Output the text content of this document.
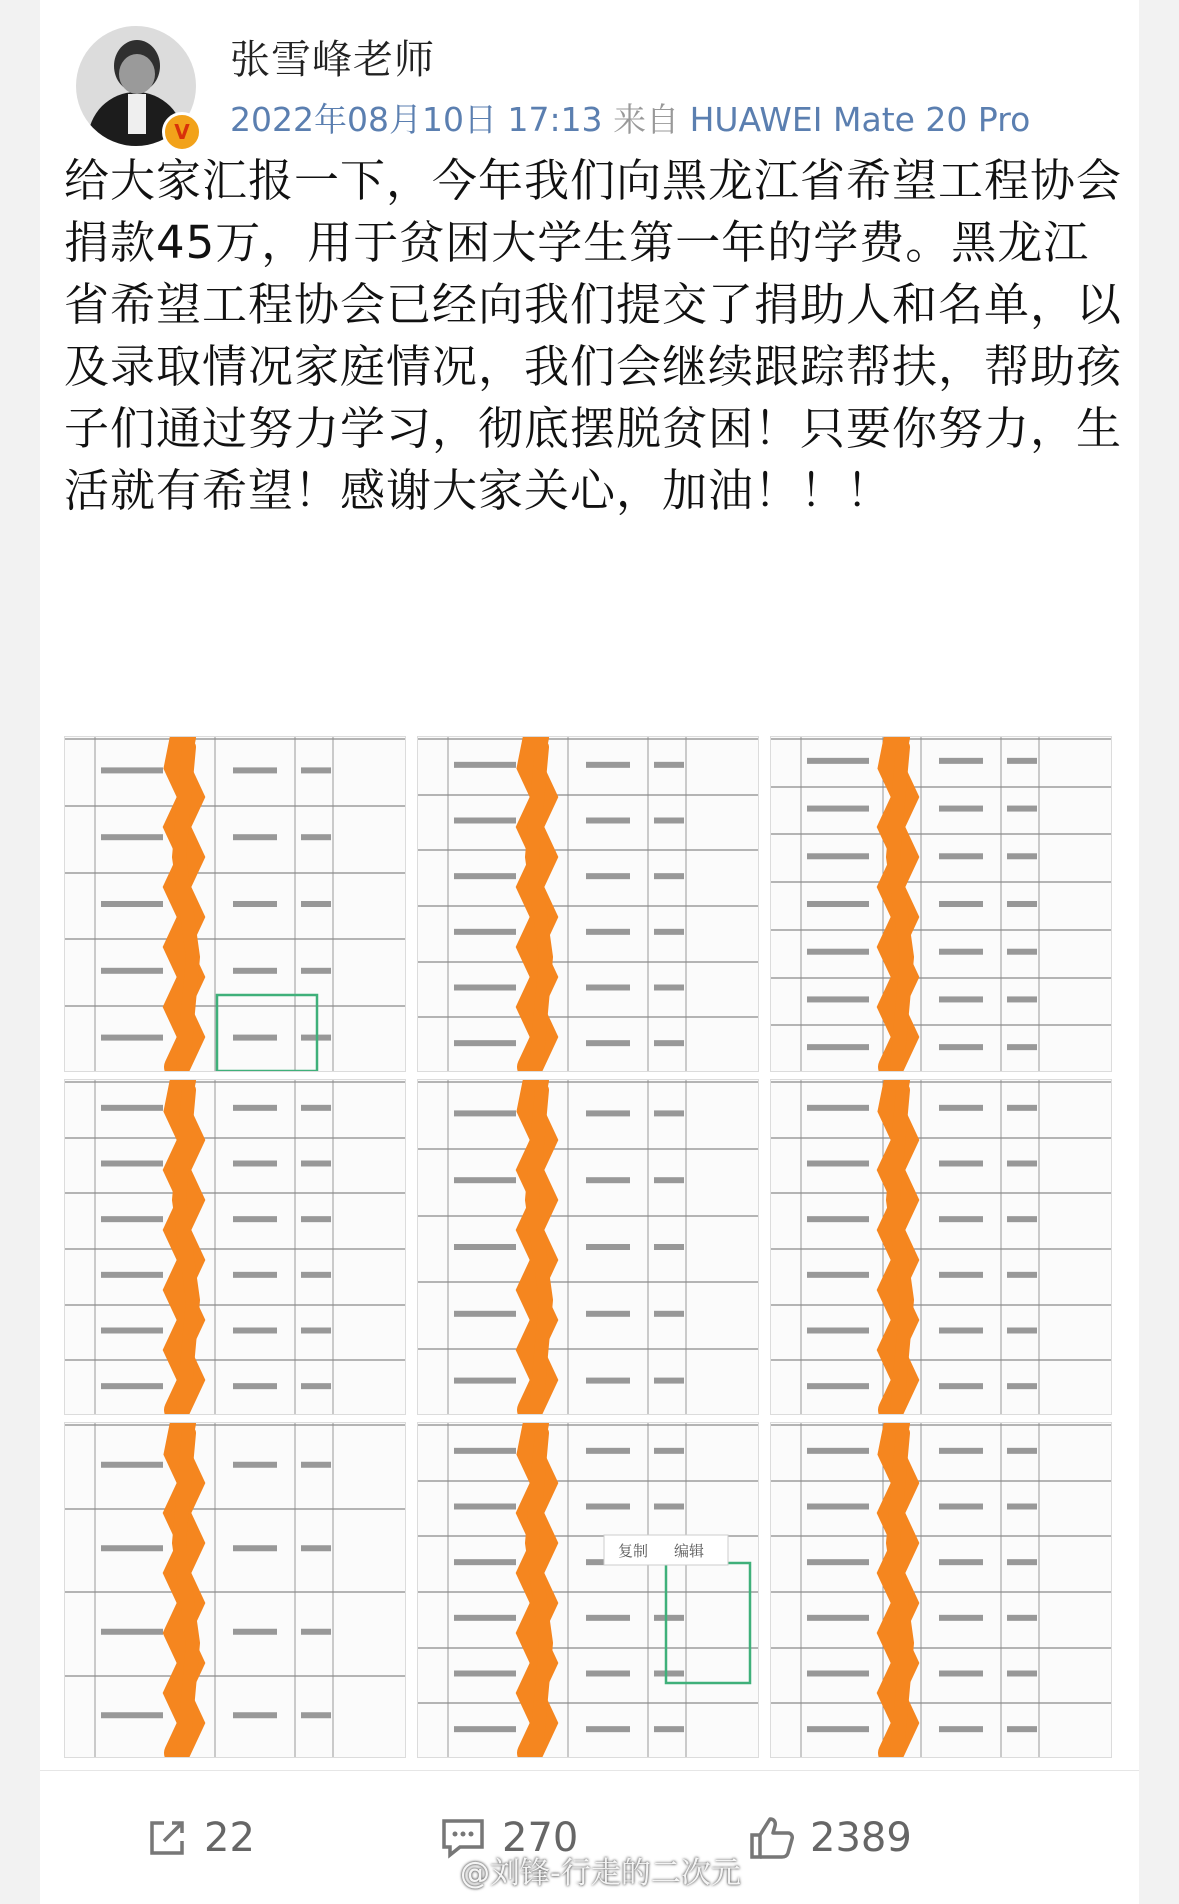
V
张雪峰老师
2022年08月10日 17:13 来自 HUAWEI Mate 20 Pro

给大家汇报一下，今年我们向黑龙江省希望工程协会捐款45万，用于贫困大学生第一年的学费。黑龙江省希望工程协会已经向我们提交了捐助人和名单，以及录取情况家庭情况，我们会继续跟踪帮扶，帮助孩子们通过努力学习，彻底摆脱贫困！只要你努力，生活就有希望！感谢大家关心，加油！！！

复制 编辑
22	270	2389
@刘锋-行走的二次元
